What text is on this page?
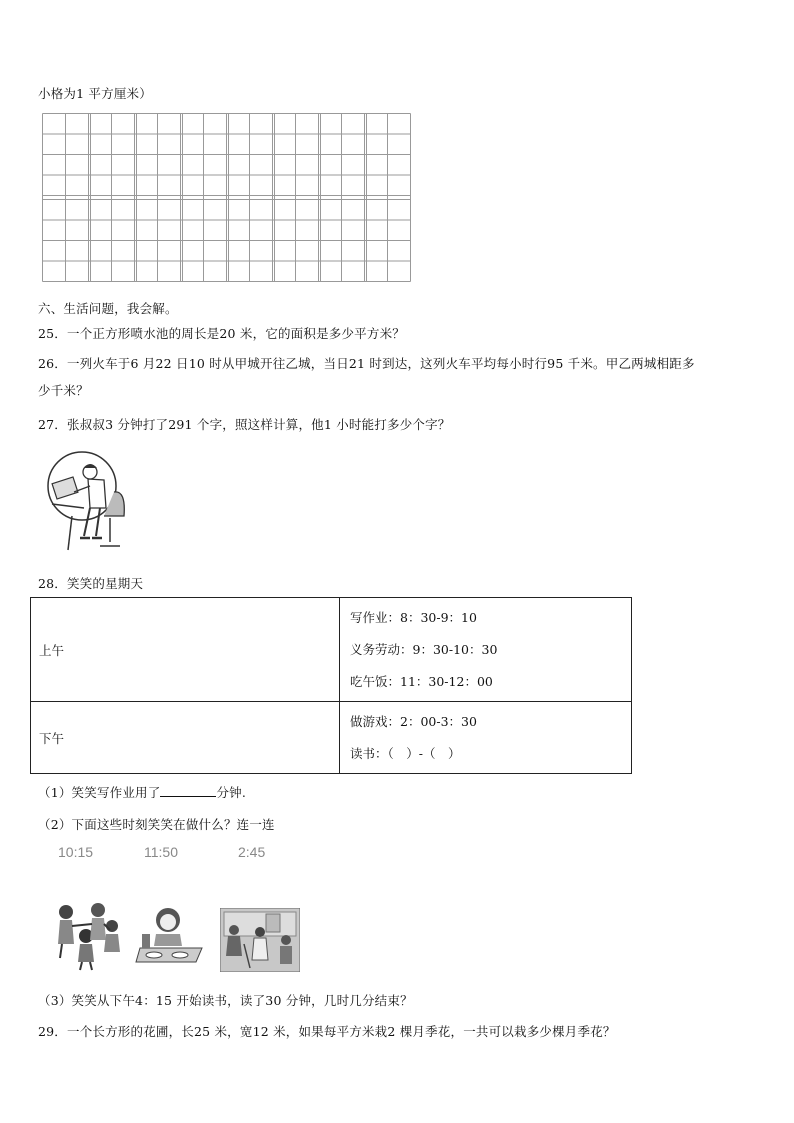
小格为1 平方厘米）
六、生活问题，我会解。
25．一个正方形喷水池的周长是20 米，它的面积是多少平方米？
26．一列火车于6 月22 日10 时从甲城开往乙城，当日21 时到达，这列火车平均每小时行95 千米。甲乙两城相距多
少千米？
27．张叔叔3 分钟打了291 个字，照这样计算，他1 小时能打多少个字？
28．笑笑的星期天
上午	写作业：8：30-9：10
义务劳动：9：30-10：30
吃午饭：11：30-12：00

下午	做游戏：2：00-3：30
读书：（　）-（　）
（1）笑笑写作业用了	分钟.
（2）下面这些时刻笑笑在做什么？连一连
10:15	11:50	2:45
（3）笑笑从下午4：15 开始读书，读了30 分钟，几时几分结束？
29．一个长方形的花圃，长25 米，宽12 米，如果每平方米栽2 棵月季花，一共可以栽多少棵月季花？
